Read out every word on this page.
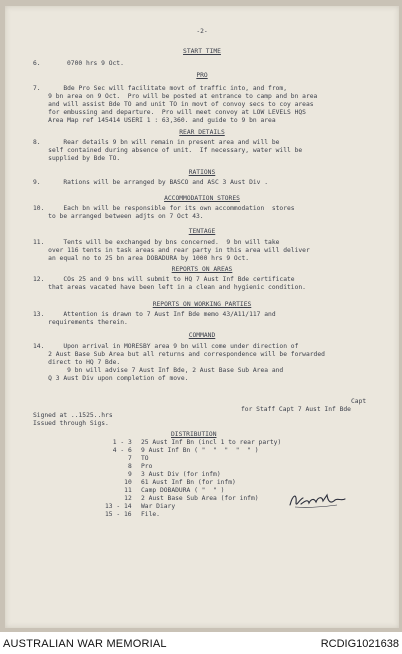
-2-
START TIME
6.	0700 hrs 9 Oct.
PRO
7.      Bde Pro Sec will facilitate movt of traffic into, and from,
9 bn area on 9 Oct.  Pro will be posted at entrance to camp and bn area
and will assist Bde TO and unit TO in movt of convoy secs to coy areas
for embussing and departure.  Pro will meet convoy at LOW LEVELS HQS
Area Map ref 145414 USERI 1 : 63,360. and guide to 9 bn area
REAR DETAILS
8.      Rear details 9 bn will remain in present area and will be
self contained during absence of unit.  If necessary, water will be
supplied by Bde TO.
RATIONS
9.      Rations will be arranged by BASCO and ASC 3 Aust Div .
ACCOMMODATION STORES
10.     Each bn will be responsible for its own accommodation  stores
to be arranged between adjts on 7 Oct 43.
TENTAGE
11.     Tents will be exchanged by bns concerned.  9 bn will take
over 116 tents in task areas and rear party in this area will deliver
an equal no to 25 bn area DOBADURA by 1000 hrs 9 Oct.
REPORTS ON AREAS
12.     COs 25 and 9 bns will submit to HQ 7 Aust Inf Bde certificate
that areas vacated have been left in a clean and hygienic condition.
REPORTS ON WORKING PARTIES
13.     Attention is drawn to 7 Aust Inf Bde memo 43/A11/117 and
requirements therein.
COMMAND
14.     Upon arrival in MORESBY area 9 bn will come under direction of
2 Aust Base Sub Area but all returns and correspondence will be forwarded
direct to HQ 7 Bde.
9 bn will advise 7 Aust Inf Bde, 2 Aust Base Sub Area and
Q 3 Aust Div upon completion of move.
Capt
for Staff Capt 7 Aust Inf Bde
Signed at ..1525..hrs
Issued through Sigs.
DISTRIBUTION
1 - 3 25 Aust Inf Bn (incl 1 to rear party)
4 - 6 9 Aust Inf Bn ( "  "  "  "  " )
7 TO
8 Pro
9 3 Aust Div (for infm)
10 61 Aust Inf Bn (for infm)
11 Camp DOBADURA ( "  " )
12 2 Aust Base Sub Area (for infm)
13 - 14 War Diary
15 - 16 File.
AUSTRALIAN WAR MEMORIAL	RCDIG1021638
